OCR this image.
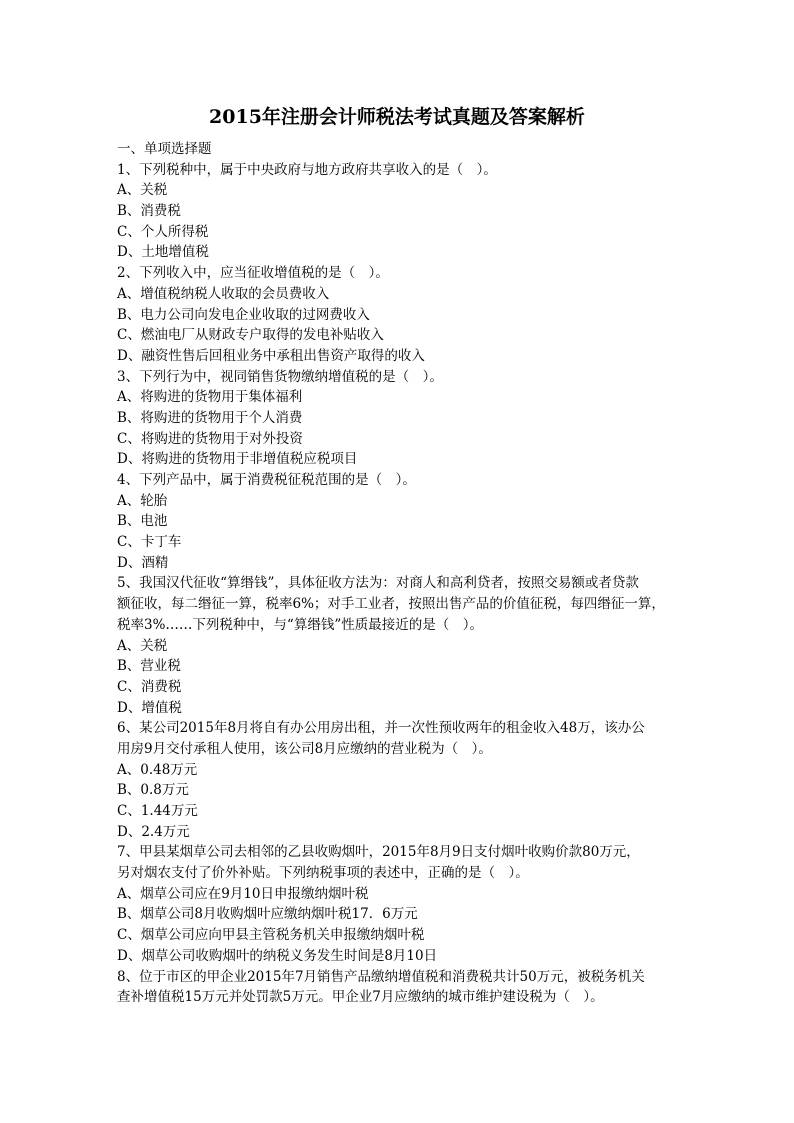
2015年注册会计师税法考试真题及答案解析
一、单项选择题
1、下列税种中，属于中央政府与地方政府共享收入的是（　）。
A、关税
B、消费税
C、个人所得税
D、土地增值税
2、下列收入中，应当征收增值税的是（　）。
A、增值税纳税人收取的会员费收入
B、电力公司向发电企业收取的过网费收入
C、燃油电厂从财政专户取得的发电补贴收入
D、融资性售后回租业务中承租出售资产取得的收入
3、下列行为中，视同销售货物缴纳增值税的是（　）。
A、将购进的货物用于集体福利
B、将购进的货物用于个人消费
C、将购进的货物用于对外投资
D、将购进的货物用于非增值税应税项目
4、下列产品中，属于消费税征税范围的是（　）。
A、轮胎
B、电池
C、卡丁车
D、酒精
5、我国汉代征收“算缗钱”，具体征收方法为：对商人和高利贷者，按照交易额或者贷款
额征收，每二缗征一算，税率6%；对手工业者，按照出售产品的价值征税，每四缗征一算，
税率3%……下列税种中，与“算缗钱”性质最接近的是（　）。
A、关税
B、营业税
C、消费税
D、增值税
6、某公司2015年8月将自有办公用房出租，并一次性预收两年的租金收入48万，该办公
用房9月交付承租人使用，该公司8月应缴纳的营业税为（　）。
A、0.48万元
B、0.8万元
C、1.44万元
D、2.4万元
7、甲县某烟草公司去相邻的乙县收购烟叶，2015年8月9日支付烟叶收购价款80万元，
另对烟农支付了价外补贴。下列纳税事项的表述中，正确的是（　）。
A、烟草公司应在9月10日申报缴纳烟叶税
B、烟草公司8月收购烟叶应缴纳烟叶税17．6万元
C、烟草公司应向甲县主管税务机关申报缴纳烟叶税
D、烟草公司收购烟叶的纳税义务发生时间是8月10日
8、位于市区的甲企业2015年7月销售产品缴纳增值税和消费税共计50万元，被税务机关
查补增值税15万元并处罚款5万元。甲企业7月应缴纳的城市维护建设税为（　）。
